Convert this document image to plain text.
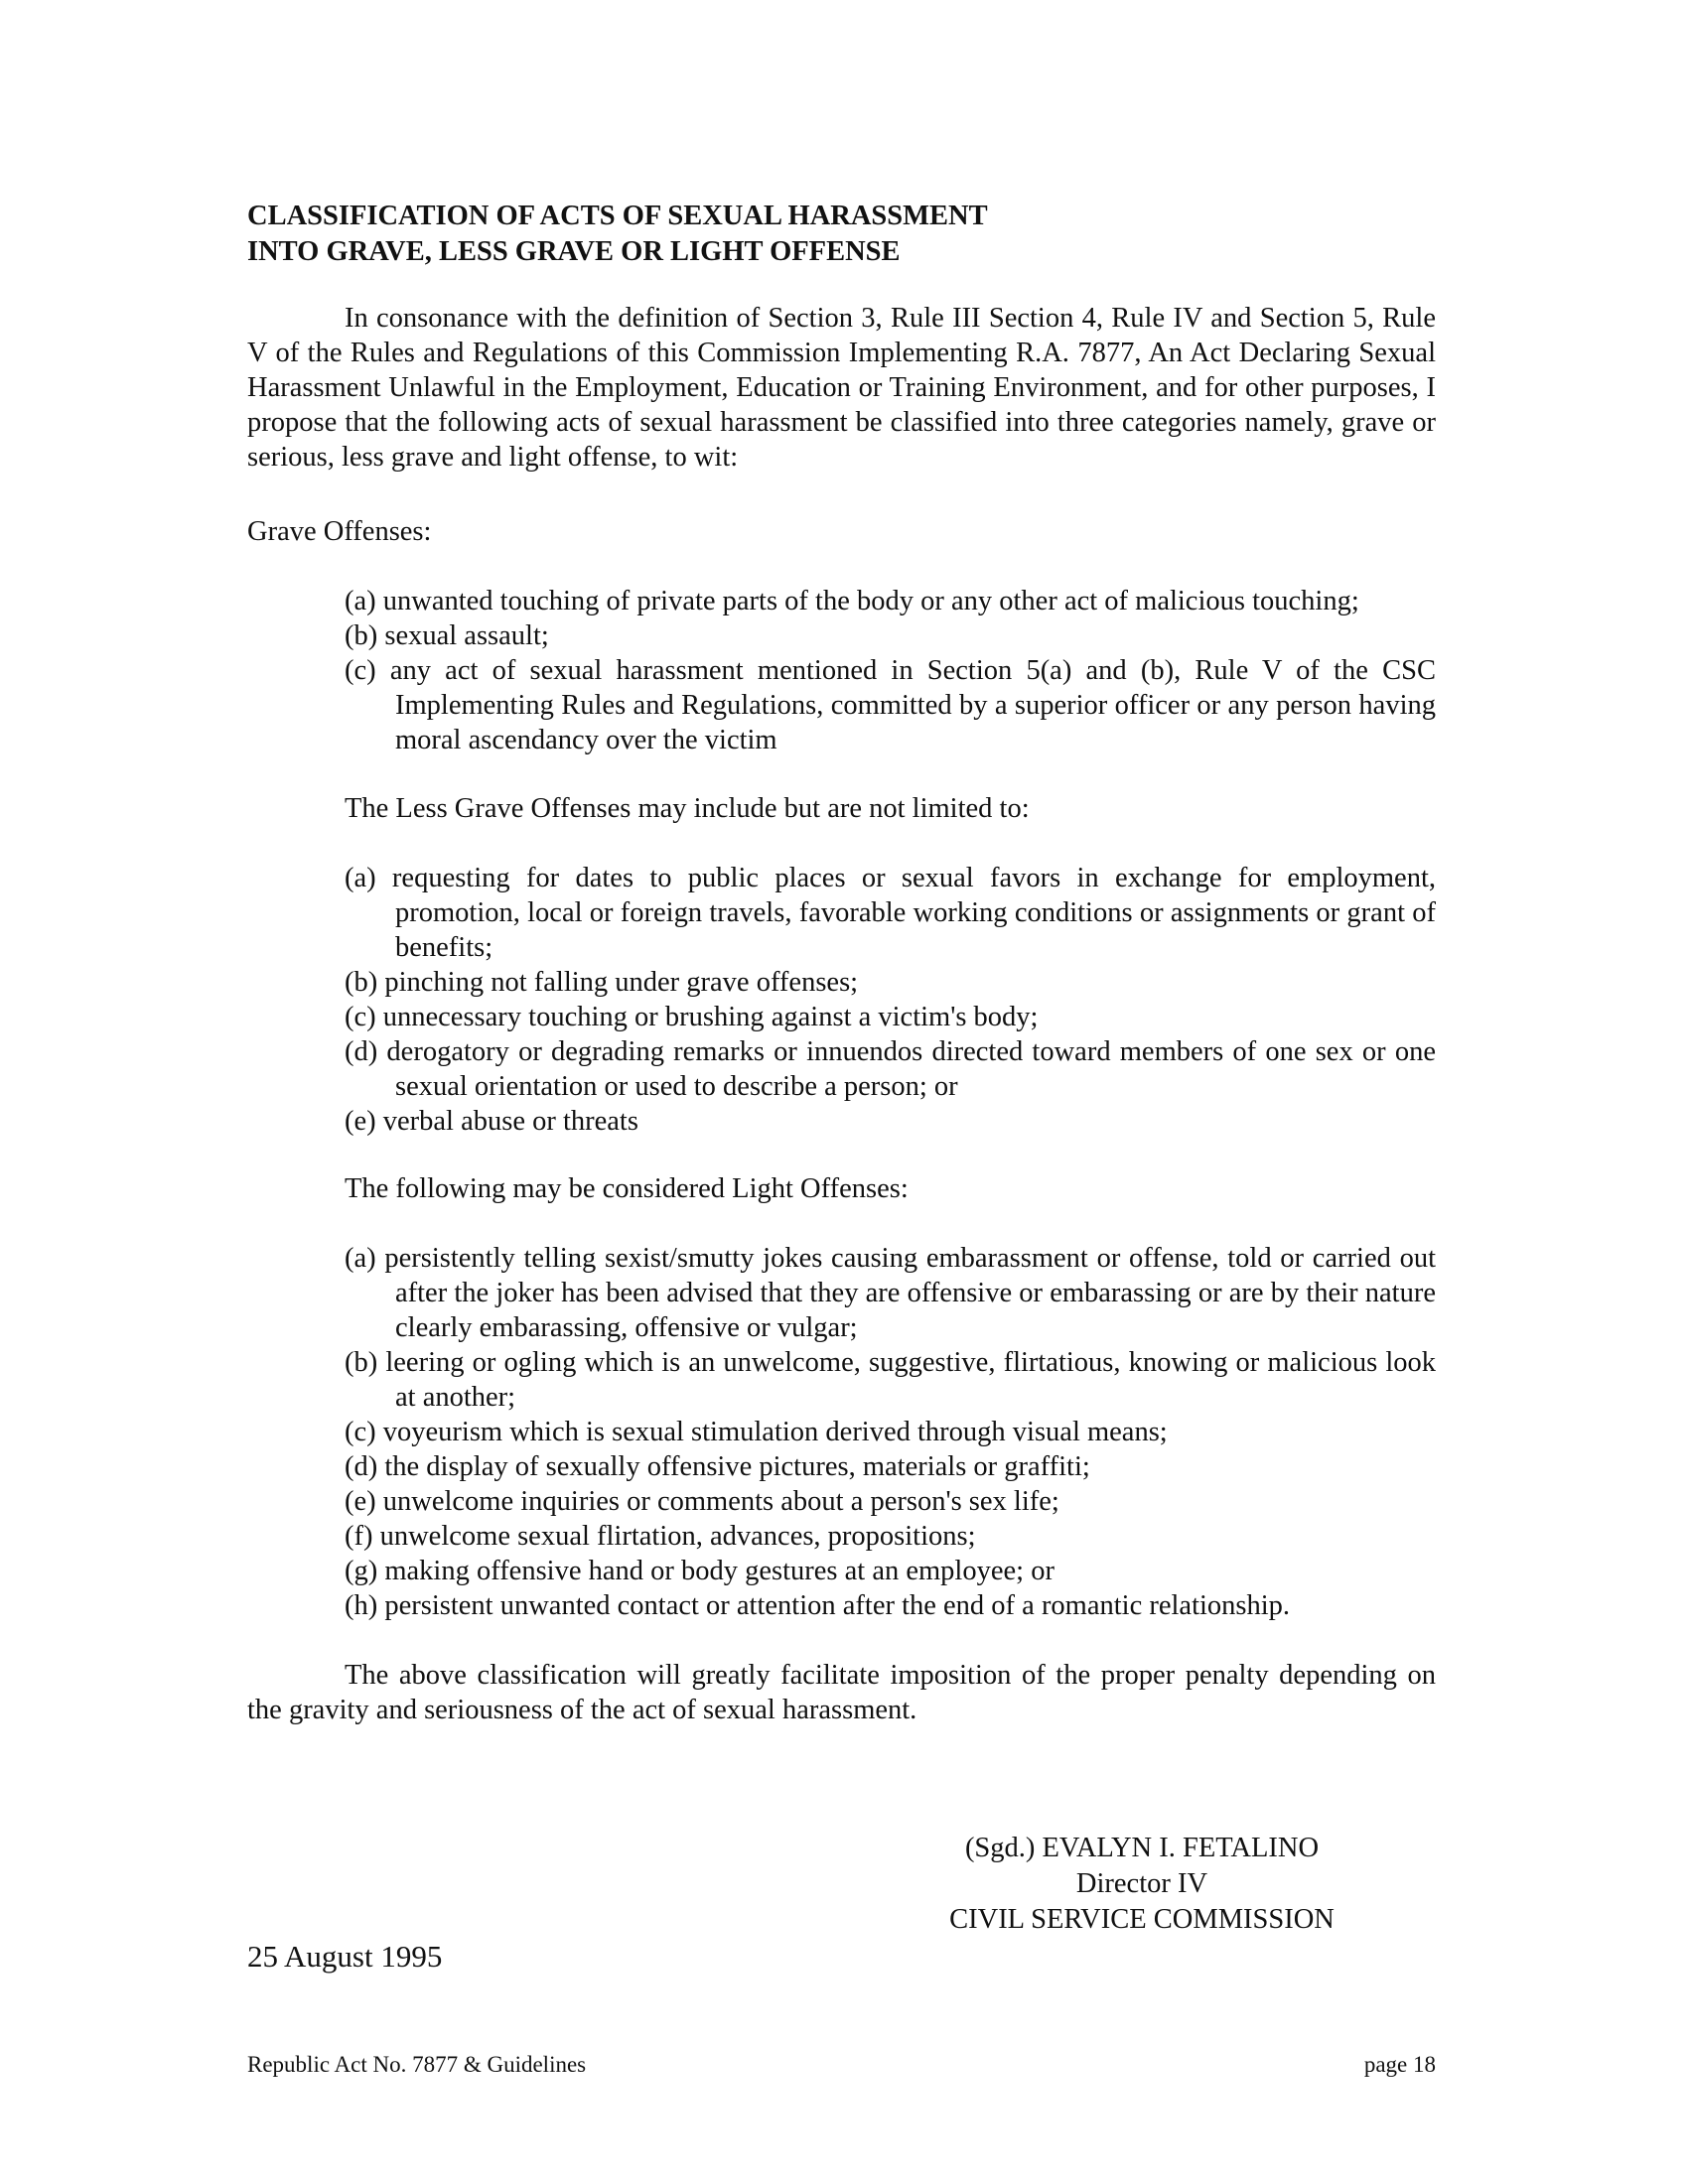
CLASSIFICATION OF ACTS OF SEXUAL HARASSMENT
INTO GRAVE, LESS GRAVE OR LIGHT OFFENSE

In consonance with the definition of Section 3, Rule III Section 4, Rule IV and Section 5, Rule V of the Rules and Regulations of this Commission Implementing R.A. 7877, An Act Declaring Sexual Harassment Unlawful in the Employment, Education or Training Environment, and for other purposes, I propose that the following acts of sexual harassment be classified into three categories namely, grave or serious, less grave and light offense, to wit:

Grave Offenses:

(a) unwanted touching of private parts of the body or any other act of malicious touching;
(b) sexual assault;
(c) any act of sexual harassment mentioned in Section 5(a) and (b), Rule V of the CSC Implementing Rules and Regulations, committed by a superior officer or any person having moral ascendancy over the victim

The Less Grave Offenses may include but are not limited to:

(a) requesting for dates to public places or sexual favors in exchange for employment, promotion, local or foreign travels, favorable working conditions or assignments or grant of benefits;
(b) pinching not falling under grave offenses;
(c) unnecessary touching or brushing against a victim's body;
(d) derogatory or degrading remarks or innuendos directed toward members of one sex or one sexual orientation or used to describe a person; or
(e) verbal abuse or threats

The following may be considered Light Offenses:

(a) persistently telling sexist/smutty jokes causing embarassment or offense, told or carried out after the joker has been advised that they are offensive or embarassing or are by their nature clearly embarassing, offensive or vulgar;
(b) leering or ogling which is an unwelcome, suggestive, flirtatious, knowing or malicious look at another;
(c) voyeurism which is sexual stimulation derived through visual means;
(d) the display of sexually offensive pictures, materials or graffiti;
(e) unwelcome inquiries or comments about a person's sex life;
(f) unwelcome sexual flirtation, advances, propositions;
(g) making offensive hand or body gestures at an employee; or
(h) persistent unwanted contact or attention after the end of a romantic relationship.

The above classification will greatly facilitate imposition of the proper penalty depending on the gravity and seriousness of the act of sexual harassment.

(Sgd.) EVALYN I. FETALINO
Director IV
CIVIL SERVICE COMMISSION
25 August 1995
Republic Act No. 7877 & Guidelines	page 18
